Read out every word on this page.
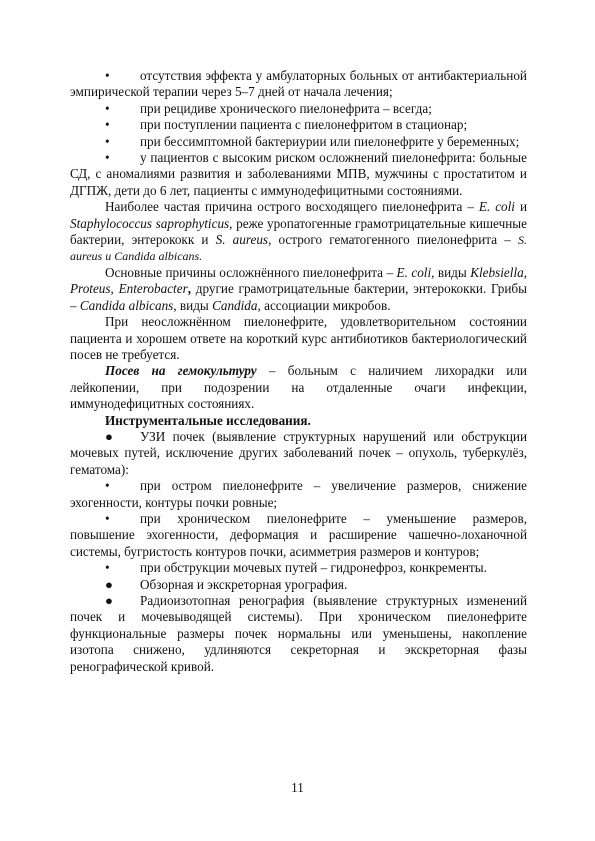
• отсутствия эффекта у амбулаторных больных от антибактериальной эмпирической терапии через 5–7 дней от начала лечения;

• при рецидиве хронического пиелонефрита – всегда;

• при поступлении пациента с пиелонефритом в стационар;

• при бессимптомной бактериурии или пиелонефрите у беременных;

• у пациентов с высоким риском осложнений пиелонефрита: больные СД, с аномалиями развития и заболеваниями МПВ, мужчины с простатитом и ДГПЖ, дети до 6 лет, пациенты с иммунодефицитными состояниями.

Наиболее частая причина острого восходящего пиелонефрита – E. coli и Staphylococcus saprophyticus, реже уропатогенные грамотрицательные кишечные бактерии, энтерококк и S. aureus, острого гематогенного пиелонефрита – S. aureus и Candida albicans.

Основные причины осложнённого пиелонефрита – E. coli, виды Klebsiella, Proteus, Enterobacter, другие грамотрицательные бактерии, энтерококки. Грибы – Candida albicans, виды Candida, ассоциации микробов.

При неосложнённом пиелонефрите, удовлетворительном состоянии пациента и хорошем ответе на короткий курс антибиотиков бактериологический посев не требуется.

Посев на гемокультуру – больным с наличием лихорадки или лейкопении, при подозрении на отдаленные очаги инфекции, иммунодефицитных состояниях.

Инструментальные исследования.

● УЗИ почек (выявление структурных нарушений или обструкции мочевых путей, исключение других заболеваний почек – опухоль, туберкулёз, гематома):

• при остром пиелонефрите – увеличение размеров, снижение эхогенности, контуры почки ровные;

• при хроническом пиелонефрите – уменьшение размеров, повышение эхогенности, деформация и расширение чашечно-лоханочной системы, бугристость контуров почки, асимметрия размеров и контуров;

• при обструкции мочевых путей – гидронефроз, конкременты.

● Обзорная и экскреторная урография.

● Радиоизотопная ренография (выявление структурных изменений почек и мочевыводящей системы). При хроническом пиелонефрите функциональные размеры почек нормальны или уменьшены, накопление изотопа снижено, удлиняются секреторная и экскреторная фазы ренографической кривой.

11
